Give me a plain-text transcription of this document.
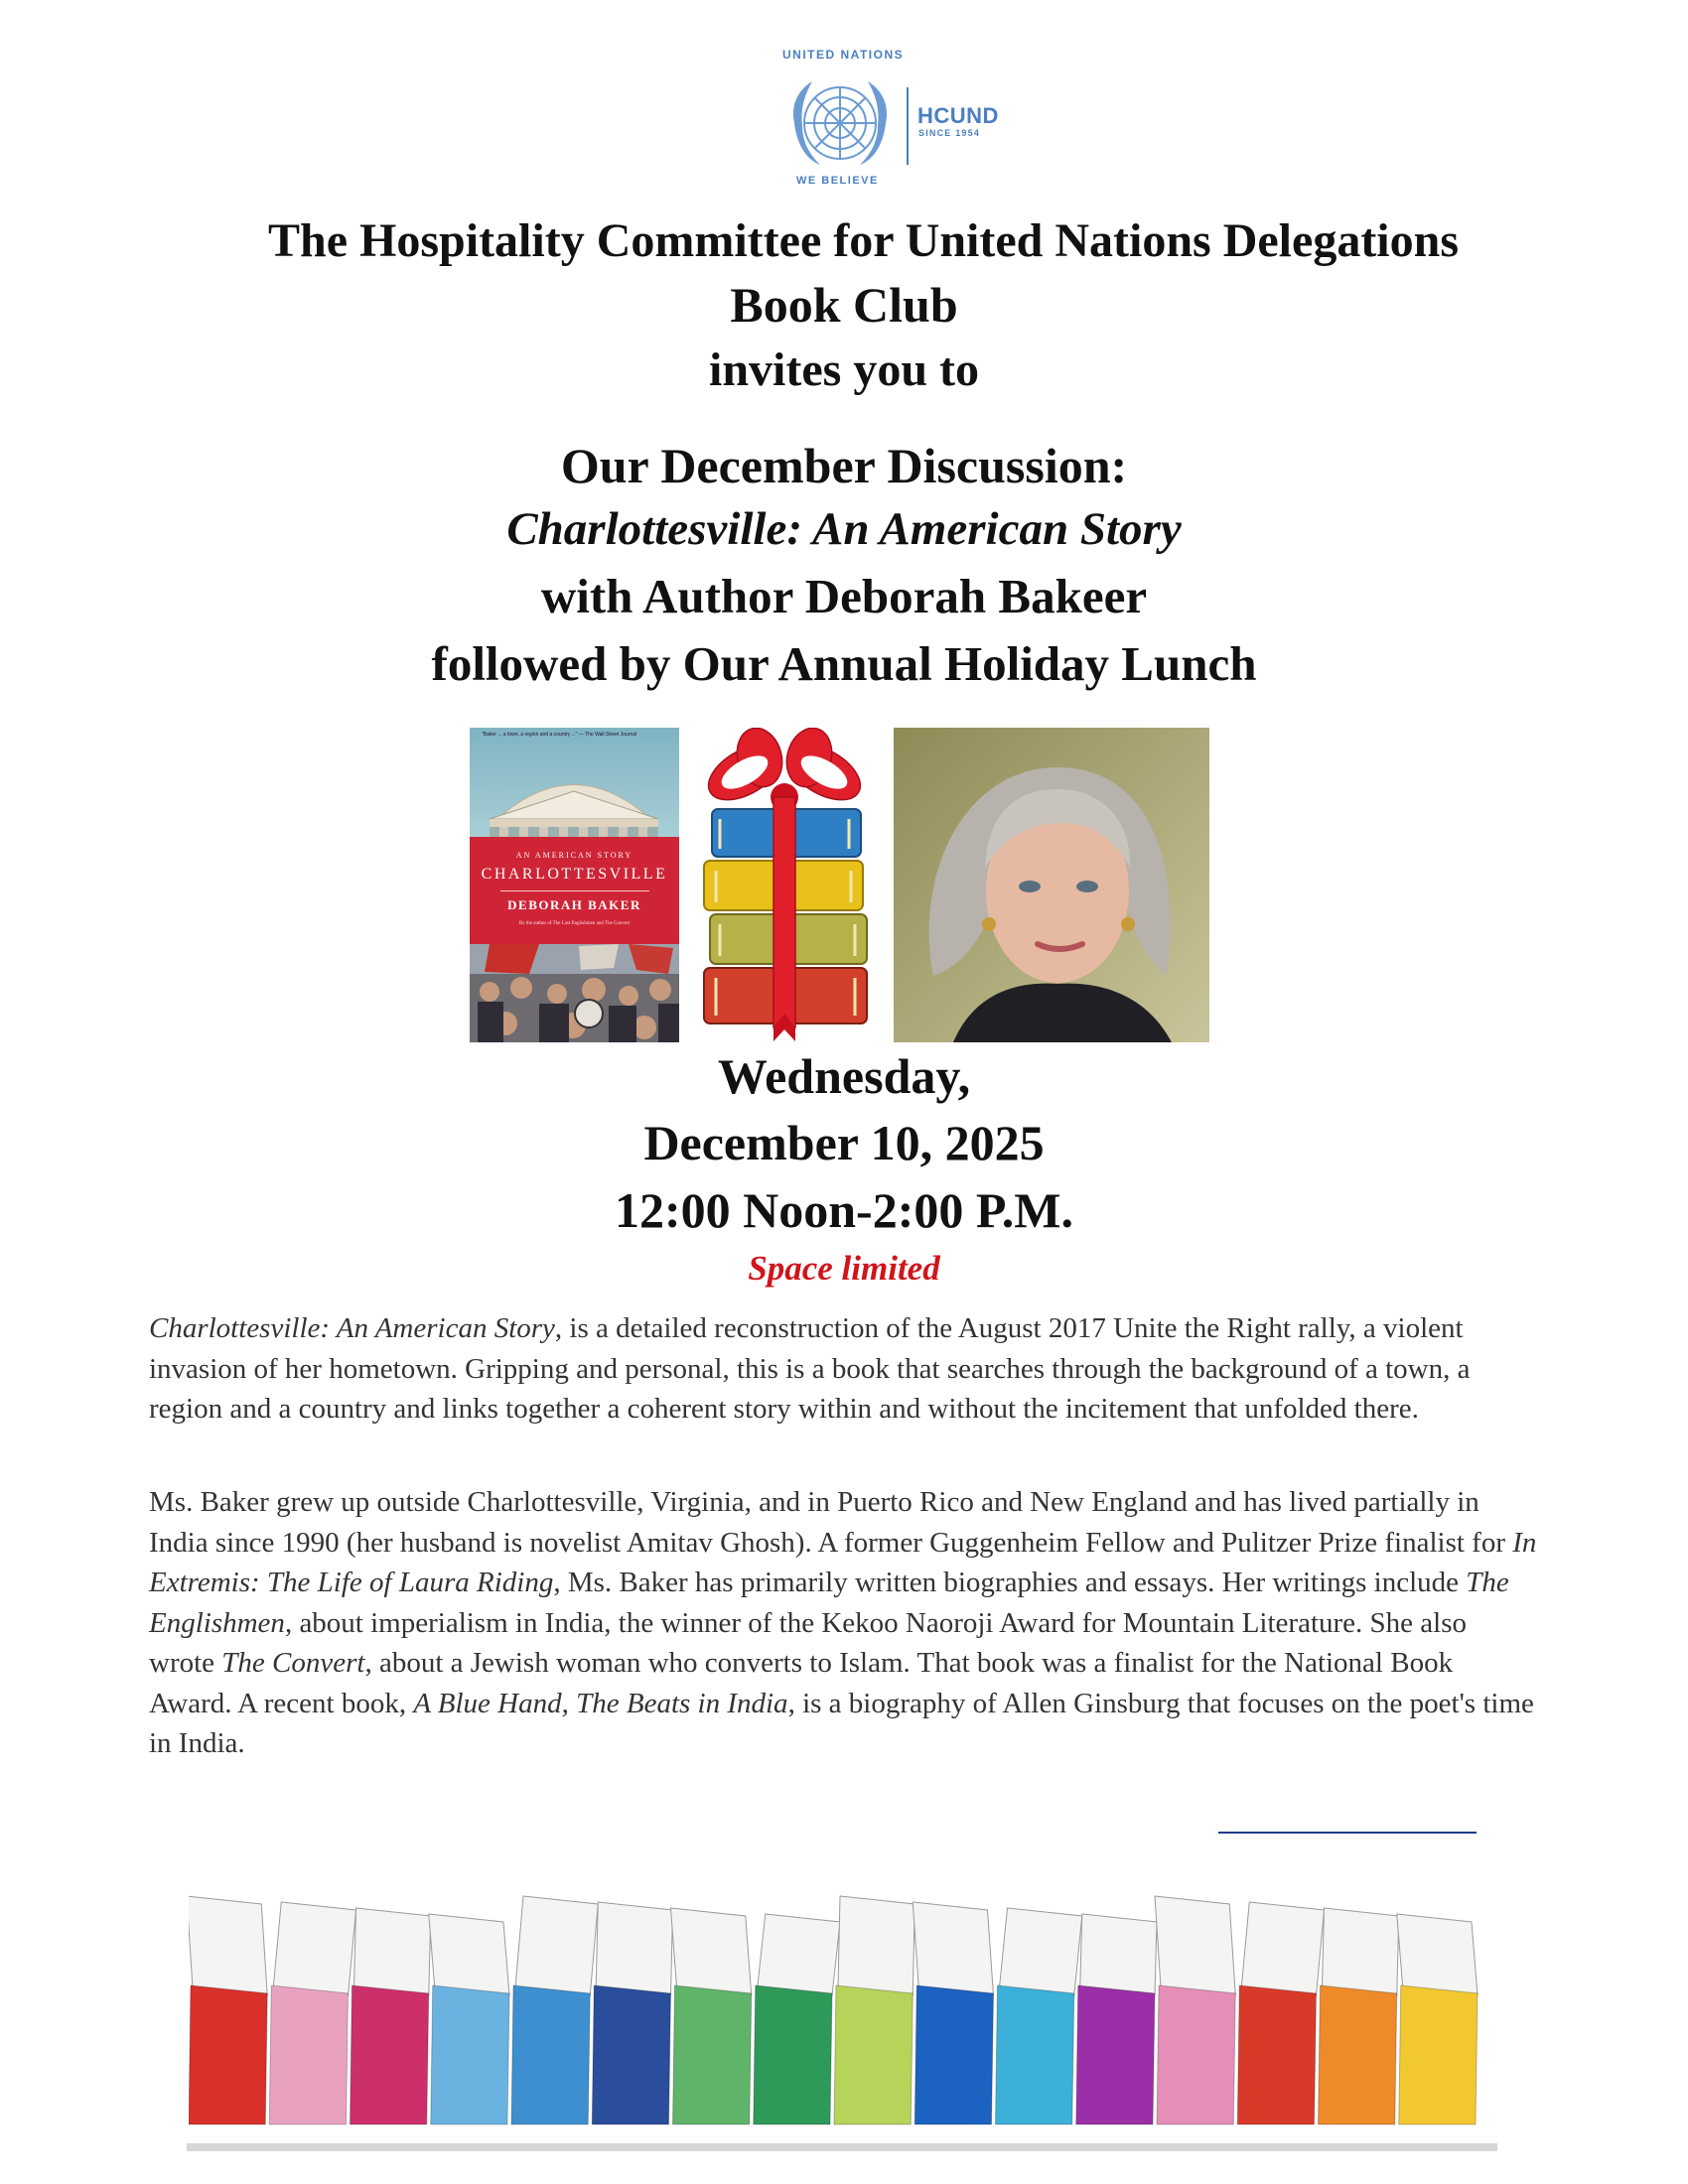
UNITED NATIONS
WE BELIEVE
HCUND
SINCE 1954
The Hospitality Committee for United Nations Delegations
Book Club
invites you to
Our December Discussion:
Charlottesville: An American Story
with Author Deborah Bakeer
followed by Our Annual Holiday Lunch
"Baker ... a town, a region and a country ..." — The Wall Street Journal
AN AMERICAN STORY
CHARLOTTESVILLE
DEBORAH BAKER
By the author of The Last Englishmen and The Convert
Wednesday,
December 10, 2025
12:00 Noon-2:00 P.M.
Space limited

Charlottesville: An American Story, is a detailed reconstruction of the August 2017 Unite the Right rally, a violent invasion of her hometown. Gripping and personal, this is a book that searches through the background of a town, a region and a country and links together a coherent story within and without the incitement that unfolded there.

Ms. Baker grew up outside Charlottesville, Virginia, and in Puerto Rico and New England and has lived partially in India since 1990 (her husband is novelist Amitav Ghosh). A former Guggenheim Fellow and Pulitzer Prize finalist for In Extremis: The Life of Laura Riding, Ms. Baker has primarily written biographies and essays. Her writings include The Englishmen, about imperialism in India, the winner of the Kekoo Naoroji Award for Mountain Literature. She also wrote The Convert, about a Jewish woman who converts to Islam. That book was a finalist for the National Book Award. A recent book, A Blue Hand, The Beats in India, is a biography of Allen Ginsburg that focuses on the poet's time in India.
